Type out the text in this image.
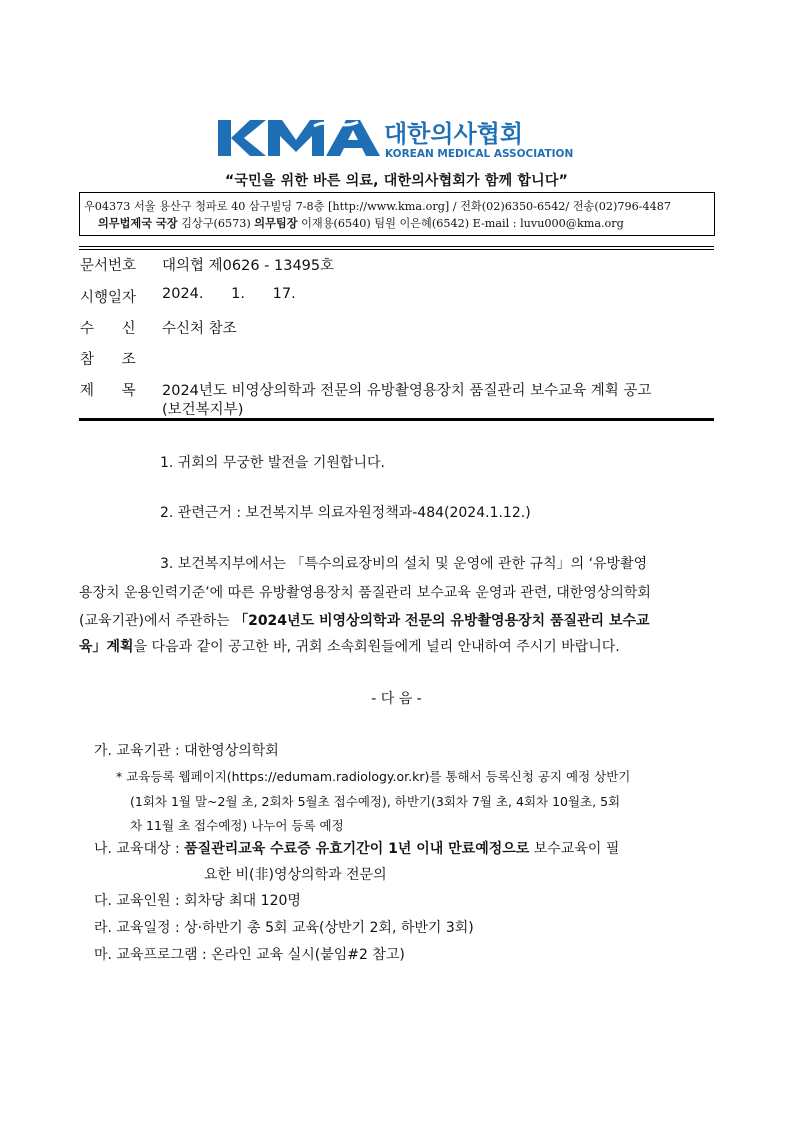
대한의사협회
KOREAN MEDICAL ASSOCIATION
KMA
“국민을 위한 바른 의료, 대한의사협회가 함께 합니다”
우04373 서울 용산구 청파로 40 삼구빌딩 7-8층 [http://www.kma.org] / 전화(02)6350-6542/ 전송(02)796-4487
의무법제국 국장 김상구(6573) 의무팀장 이재용(6540) 팀원 이은혜(6542) E-mail : luvu000@kma.org
문서번호 대의협 제0626 - 13495호
시행일자 2024.      1.      17.
수      신 수신처 참조
참      조
제      목 2024년도 비영상의학과 전문의 유방촬영용장치 품질관리 보수교육 계획 공고
(보건복지부)
1. 귀회의 무궁한 발전을 기원합니다.
2. 관련근거 : 보건복지부 의료자원정책과-484(2024.1.12.)
3. 보건복지부에서는 「특수의료장비의 설치 및 운영에 관한 규칙」의 ‘유방촬영
용장치 운용인력기준’에 따른 유방촬영용장치 품질관리 보수교육 운영과 관련, 대한영상의학회
(교육기관)에서 주관하는 「2024년도 비영상의학과 전문의 유방촬영용장치 품질관리 보수교
육」계획을 다음과 같이 공고한 바, 귀회 소속회원들에게 널리 안내하여 주시기 바랍니다.
- 다 음 -
가. 교육기관 : 대한영상의학회
* 교육등록 웹페이지(https://edumam.radiology.or.kr)를 통해서 등록신청 공지 예정 상반기
(1회차 1월 말~2월 초, 2회차 5월초 접수예정), 하반기(3회차 7월 초, 4회차 10월초, 5회
차 11월 초 접수예정) 나누어 등록 예정
나. 교육대상 : 품질관리교육 수료증 유효기간이 1년 이내 만료예정으로 보수교육이 필
요한 비(非)영상의학과 전문의
다. 교육인원 : 회차당 최대 120명
라. 교육일정 : 상·하반기 총 5회 교육(상반기 2회, 하반기 3회)
마. 교육프로그램 : 온라인 교육 실시(붙임#2 참고)
